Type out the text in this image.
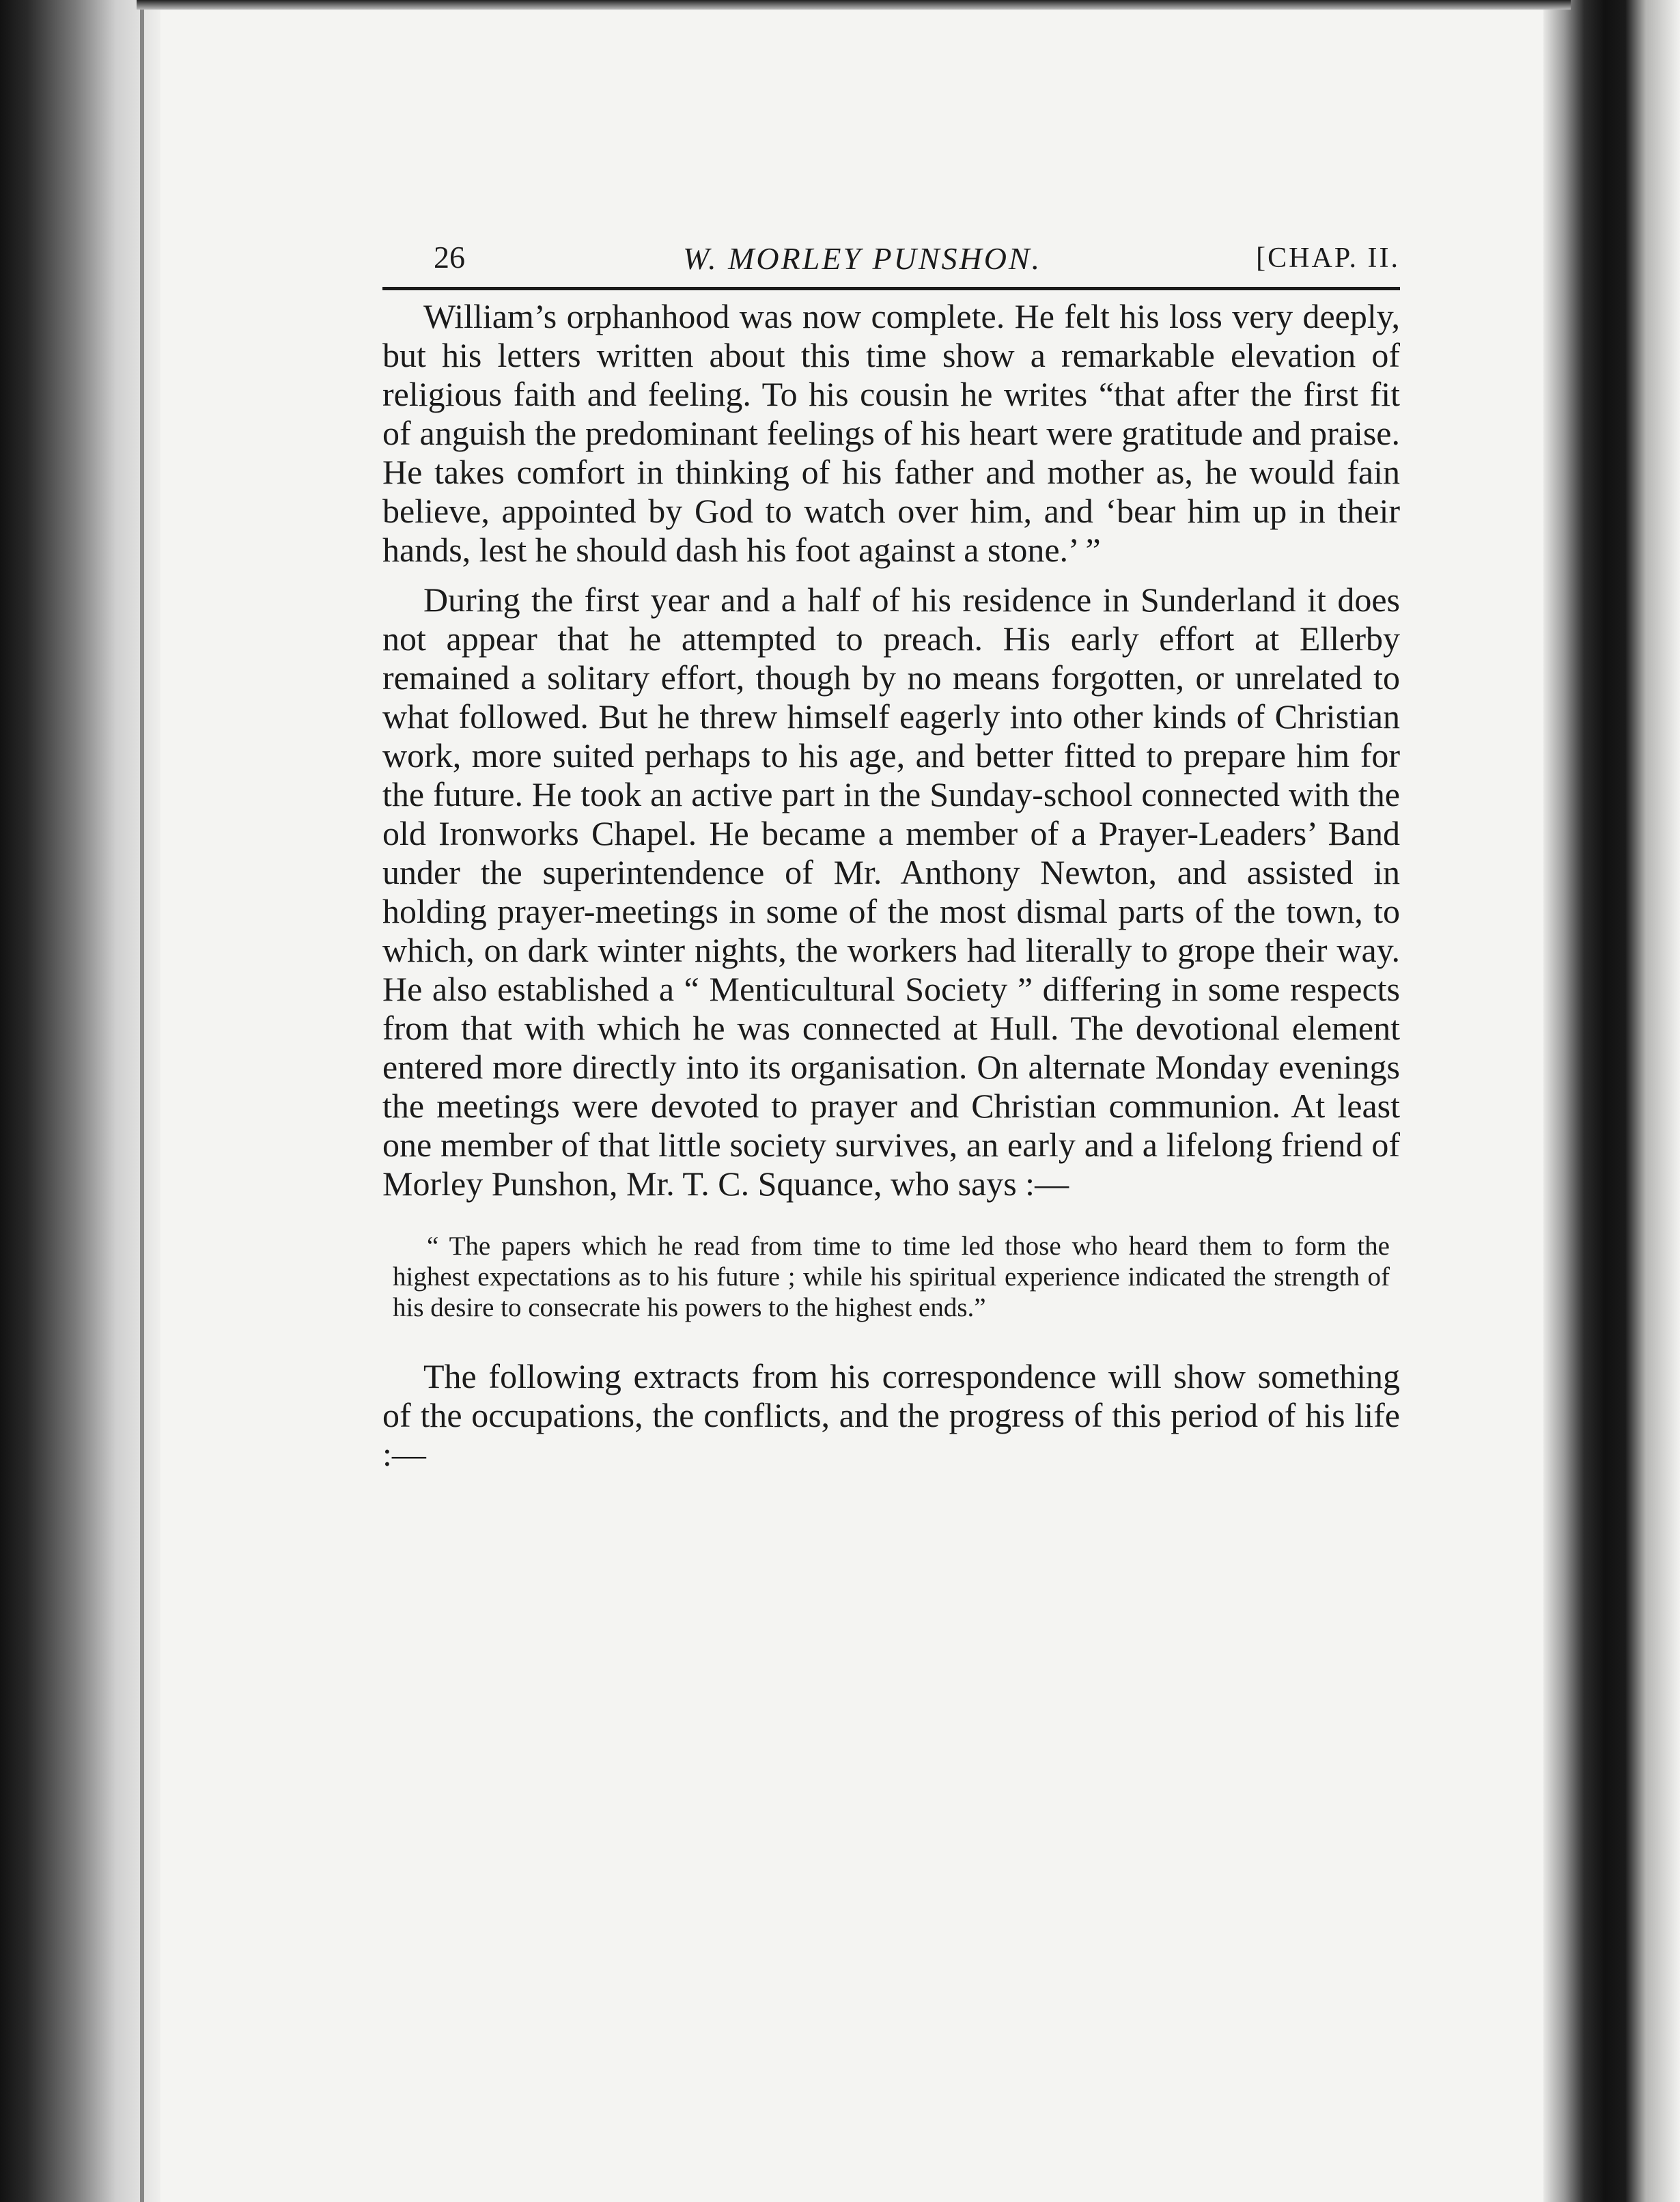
26	W. MORLEY PUNSHON.	[CHAP. II.

William’s orphanhood was now complete. He felt his loss very deeply, but his letters written about this time show a remarkable elevation of religious faith and feeling. To his cousin he writes “that after the first fit of anguish the predominant feelings of his heart were gratitude and praise. He takes comfort in thinking of his father and mother as, he would fain believe, appointed by God to watch over him, and ‘bear him up in their hands, lest he should dash his foot against a stone.’ ”

During the first year and a half of his residence in Sunderland it does not appear that he attempted to preach. His early effort at Ellerby remained a solitary effort, though by no means forgotten, or unrelated to what followed. But he threw himself eagerly into other kinds of Christian work, more suited perhaps to his age, and better fitted to prepare him for the future. He took an active part in the Sunday-school connected with the old Ironworks Chapel. He became a member of a Prayer-Leaders’ Band under the superintendence of Mr. Anthony Newton, and assisted in holding prayer-meetings in some of the most dismal parts of the town, to which, on dark winter nights, the workers had literally to grope their way. He also established a “ Menticultural Society ” differing in some respects from that with which he was connected at Hull. The devotional element entered more directly into its organisation. On alternate Monday evenings the meetings were devoted to prayer and Christian communion. At least one member of that little society survives, an early and a lifelong friend of Morley Punshon, Mr. T. C. Squance, who says :—

“ The papers which he read from time to time led those who heard them to form the highest expectations as to his future ; while his spiritual experience indicated the strength of his desire to consecrate his powers to the highest ends.”

The following extracts from his correspondence will show something of the occupations, the conflicts, and the progress of this period of his life :—
